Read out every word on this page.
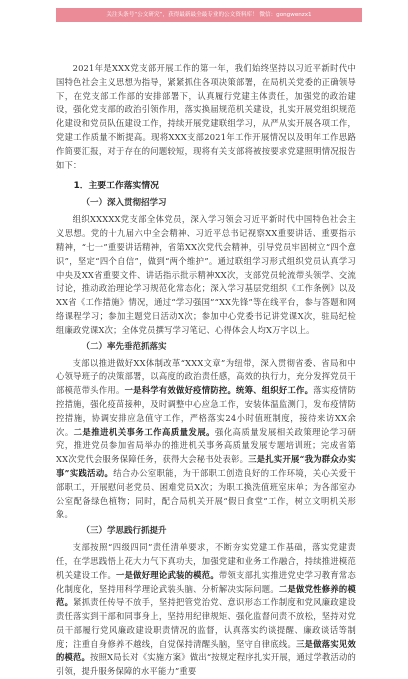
关注头条号“公文研究”，获得最新最全最专业的公文资料库！ 微信：gongwenzx1

2021年是XXX党支部开展工作的第一年，我们始终坚持以习近平新时代中国特色社会主义思想为指导，紧紧抓住各项决策部署，在局机关党委的正确领导下，在党支部工作部的安排部署下，认真履行党建主体责任，加强党的政治建设，强化党支部的政治引领作用，落实换届规范机关建设，扎实开展党组织规范化建设和党员队伍建设工作，持续开展党建联组学习，从严从实开展各项工作，党建工作质量不断提高。现将XXX支部2021年工作开展情况以及明年工作思路作简要汇报，对于存在的问题较短，现将有关支部将被按要求党建照明情况报告如下：

1．主要工作落实情况
（一）深入贯彻招学习

组织XXXXX党支部全体党员，深入学习领会习近平新时代中国特色社会主义思想。党的十九届六中全会精神、习近平总书记视察XX重要讲话、重要指示精神，“七一”重要讲话精神，省第XX次党代会精神，引导党员牢固树立“四个意识”，坚定“四个自信”，做到“两个维护”。通过联组学习形式组织党员认真学习中央及XX省重要文件、讲话指示批示精神XX次，支部党员轮流带头领学、交流讨论，推动政治理论学习规范化常态化；深入学习基层党组织《工作条例》以及XX省《工作措施》情况，通过“学习强国”“XX先锋”等在线平台，参与答题和网络课程学习；参加主题党日活动X次；参加中心党委书记讲党课X次，驻局纪检组廉政党课X次；全体党员撰写学习笔记、心得体会人均X万字以上。

（二）率先垂范抓落实

支部以推进做好XX体制改革“XXX文章”为纽带，深入贯彻省委、省局和中心领导班子的决策部署，以高度的政治责任感，高效的执行力，充分发挥党员干部模范带头作用。一是科学有效做好疫情防控。统筹、组织好工作。落实疫情防控措施，强化疫苗接种，及时调整中心应急工作，安装体温监测门，发布疫情防控措施，协调安排应急值守工作，严格落实24小时值班制度，接待来访XX余次。二是推进机关事务工作高质量发展。强化高质量发展相关政策理论学习研究，推进党员参加省局举办的推进机关事务高质量发展专题培训班；完成省第XX次党代会服务保障任务，获得大会秘书处表彰。三是扎实开展“我为群众办实事”实践活动。结合办公室职能，为干部职工创造良好的工作环境，关心关爱干部职工，开展慰问老党员、困难党员X次；为职工换洗值班室床单；为各部室办公室配备绿色植物；同时，配合局机关开展“假日食堂”工作，树立文明机关形象。

（三）学思践行抓提升

支部按照“四级四同”责任清单要求，不断夯实党建工作基础，落实党建责任，在学思践悟上花大力气下真功夫，加强党建和业务工作融合，持续推进模范机关建设工作。一是做好理论武装的模范。带领支部扎实推进党史学习教育常态化制度化，坚持用科学理论武装头脑、分析解决实际问题。二是做党性修养的模范。紧抓责任传导不放手，坚持把管党治党、意识形态工作制度和党风廉政建设责任落实到干部和同事身上，坚持用纪律规矩、强化监督问责不放松，坚持对党员干部履行党风廉政建设职责情况的监督，认真落实约谈提醒、廉政谈话等制度；注重自身修养不越线，自觉保持清醒头脑，坚守自律底线。三是做落实见效的模范。按照X局长对《实施方案》做出“按规定程序扎实开展，通过学教活动的引领，提升服务保障的水平能力”重要
